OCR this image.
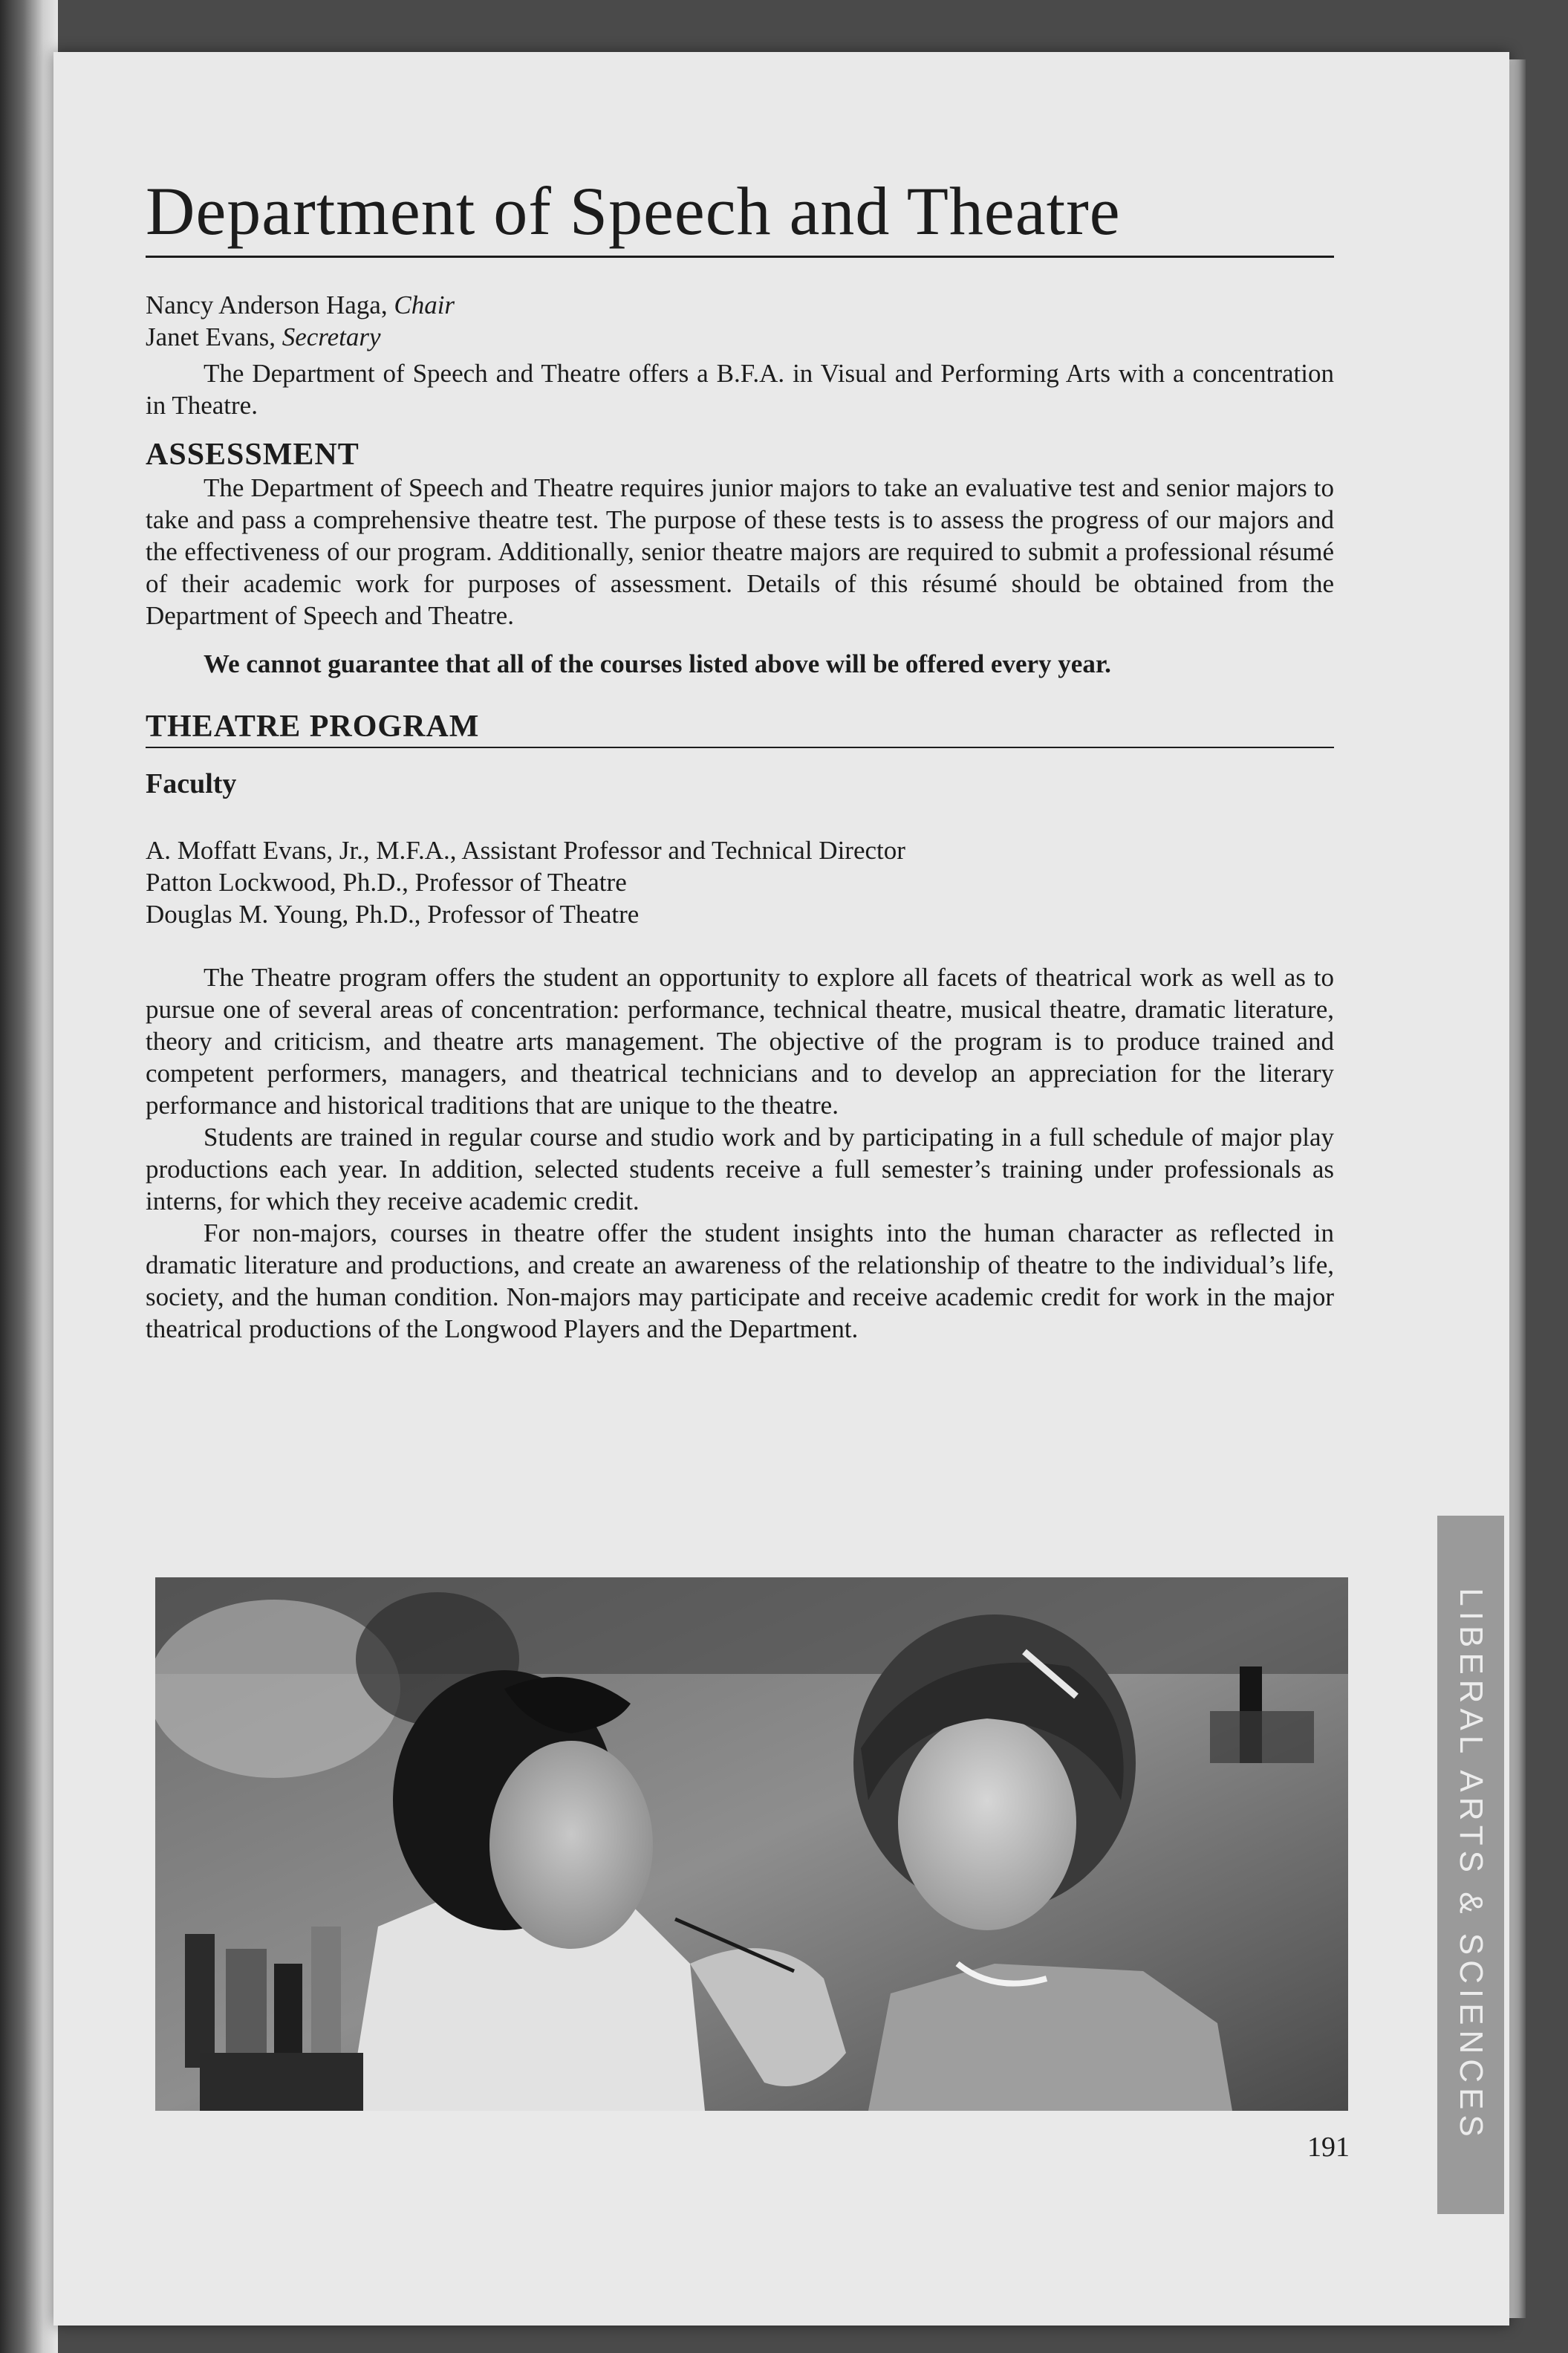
Department of Speech and Theatre
Nancy Anderson Haga, Chair
Janet Evans, Secretary

The Department of Speech and Theatre offers a B.F.A. in Visual and Performing Arts with a concentration in Theatre.

ASSESSMENT

The Department of Speech and Theatre requires junior majors to take an evaluative test and senior majors to take and pass a comprehensive theatre test. The purpose of these tests is to assess the progress of our majors and the effectiveness of our program. Additionally, senior theatre majors are required to submit a professional résumé of their academic work for purposes of assessment. Details of this résumé should be obtained from the Department of Speech and Theatre.

We cannot guarantee that all of the courses listed above will be offered every year.

THEATRE PROGRAM
Faculty
A. Moffatt Evans, Jr., M.F.A., Assistant Professor and Technical Director
Patton Lockwood, Ph.D., Professor of Theatre
Douglas M. Young, Ph.D., Professor of Theatre

The Theatre program offers the student an opportunity to explore all facets of theatrical work as well as to pursue one of several areas of concentration: performance, technical theatre, musical theatre, dramatic literature, theory and criticism, and theatre arts management. The objective of the program is to produce trained and competent performers, managers, and theatrical technicians and to develop an appreciation for the literary performance and historical traditions that are unique to the theatre.

Students are trained in regular course and studio work and by participating in a full schedule of major play productions each year. In addition, selected students receive a full semester’s training under professionals as interns, for which they receive academic credit.

For non-majors, courses in theatre offer the student insights into the human character as reflected in dramatic literature and productions, and create an awareness of the relationship of theatre to the individual’s life, society, and the human condition. Non-majors may participate and receive academic credit for work in the major theatrical productions of the Longwood Players and the Department.

LIBERAL ARTS & SCIENCES
191
